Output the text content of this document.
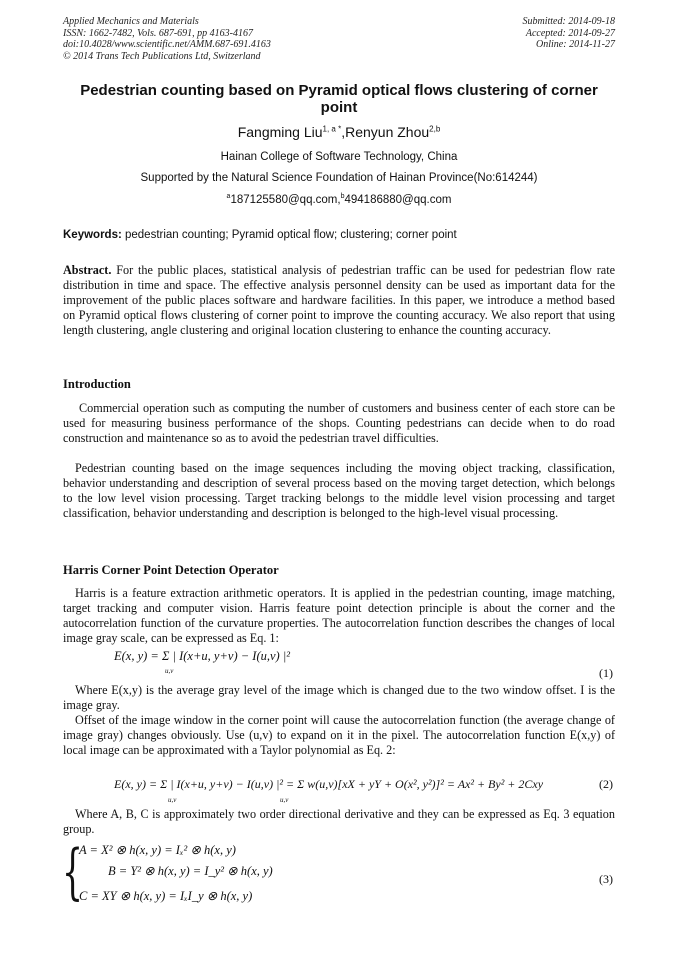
Applied Mechanics and Materials
ISSN: 1662-7482, Vols. 687-691, pp 4163-4167
doi:10.4028/www.scientific.net/AMM.687-691.4163
© 2014 Trans Tech Publications Ltd, Switzerland
Submitted: 2014-09-18
Accepted: 2014-09-27
Online: 2014-11-27
Pedestrian counting based on Pyramid optical flows clustering of corner point
Fangming Liu$^{1, a *}$,Renyun Zhou$^{2,b}$
Hainan College of Software Technology, China
Supported by the Natural Science Foundation of Hainan Province(No:614244)
$^a$187125580@qq.com,$^b$494186880@qq.com
Keywords: pedestrian counting; Pyramid optical flow; clustering; corner point
Abstract. For the public places, statistical analysis of pedestrian traffic can be used for pedestrian flow rate distribution in time and space. The effective analysis personnel density can be used as important data for the improvement of the public places software and hardware facilities. In this paper, we introduce a method based on Pyramid optical flows clustering of corner point to improve the counting accuracy. We also report that using length clustering, angle clustering and original location clustering to enhance the counting accuracy.
Introduction
Commercial operation such as computing the number of customers and business center of each store can be used for measuring business performance of the shops. Counting pedestrians can decide when to do road construction and maintenance so as to avoid the pedestrian travel difficulties.
Pedestrian counting based on the image sequences including the moving object tracking, classification, behavior understanding and description of several process based on the moving target detection, which belongs to the low level vision processing. Target tracking belongs to the middle level vision processing and target classification, behavior understanding and description is belonged to the high-level visual processing.
Harris Corner Point Detection Operator
Harris is a feature extraction arithmetic operators. It is applied in the pedestrian counting, image matching, target tracking and computer vision. Harris feature point detection principle is about the corner and the autocorrelation function of the curvature properties. The autocorrelation function describes the changes of local image gray scale, can be expressed as Eq. 1:
E(x, y) = Σ | I(x+u, y+v) − I(u,v) |²
u,v	(1)
Where E(x,y) is the average gray level of the image which is changed due to the two window offset. I is the image gray.
Offset of the image window in the corner point will cause the autocorrelation function (the average change of image gray) changes obviously. Use (u,v) to expand on it in the pixel. The autocorrelation function E(x,y) of local image can be approximated with a Taylor polynomial as Eq. 2:
E(x, y) = Σ | I(x+u, y+v) − I(u,v) |² = Σ w(u,v)[xX + yY + O(x², y²)]² = Ax² + By² + 2Cxy
u,v	u,v
(2)
Where A, B, C is approximately two order directional derivative and they can be expressed as Eq. 3 equation group.
{
A = X² ⊗ h(x, y) = Iₓ² ⊗ h(x, y)
B = Y² ⊗ h(x, y) = I_y² ⊗ h(x, y)
C = XY ⊗ h(x, y) = IₓI_y ⊗ h(x, y)
(3)
